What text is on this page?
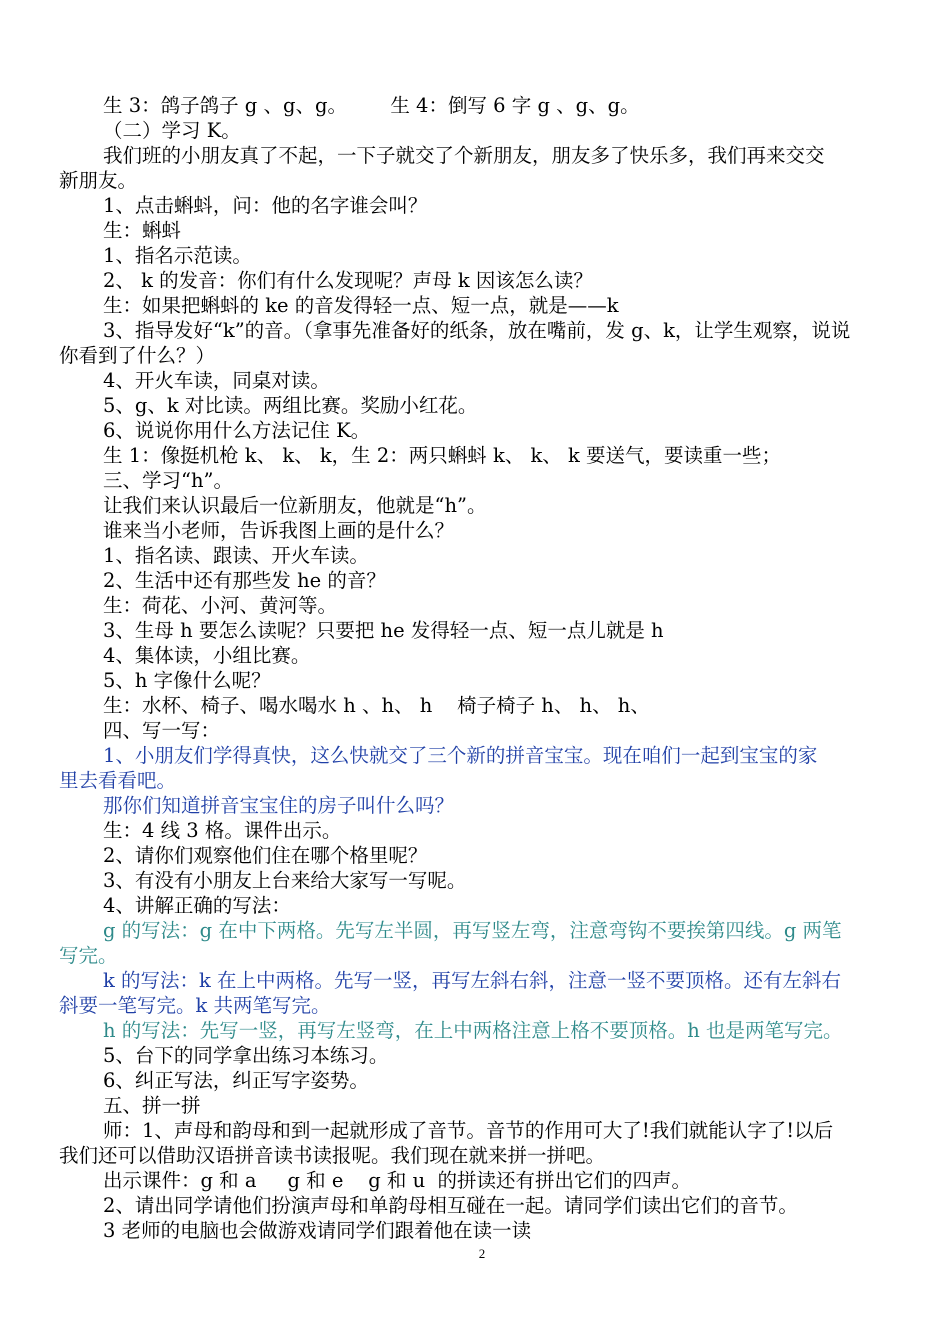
生 3：鸽子鸽子 g 、g、g。       生 4：倒写 6 字 g 、g、g。
（二）学习 K。
我们班的小朋友真了不起，一下子就交了个新朋友，朋友多了快乐多，我们再来交交
新朋友。
1、点击蝌蚪，问：他的名字谁会叫？
生：蝌蚪
1、指名示范读。
2、 k 的发音：你们有什么发现呢？声母 k 因该怎么读？
生：如果把蝌蚪的 ke 的音发得轻一点、短一点，就是——k
3、指导发好“k”的音。（拿事先准备好的纸条，放在嘴前，发 g、k，让学生观察，说说
你看到了什么？）
4、开火车读，同桌对读。
5、g、k 对比读。两组比赛。奖励小红花。
6、说说你用什么方法记住 K。
生 1：像挺机枪 k、 k、 k，生 2：两只蝌蚪 k、 k、 k 要送气，要读重一些；
三、学习“h”。
让我们来认识最后一位新朋友，他就是“h”。
谁来当小老师，告诉我图上画的是什么？
1、指名读、跟读、开火车读。
2、生活中还有那些发 he 的音？
生：荷花、小河、黄河等。
3、生母 h 要怎么读呢？只要把 he 发得轻一点、短一点儿就是 h
4、集体读，小组比赛。
5、h 字像什么呢？
生：水杯、椅子、喝水喝水 h 、h、 h    椅子椅子 h、 h、 h、
四、写一写：
1、小朋友们学得真快，这么快就交了三个新的拼音宝宝。现在咱们一起到宝宝的家
里去看看吧。
那你们知道拼音宝宝住的房子叫什么吗？
生：4 线 3 格。课件出示。
2、请你们观察他们住在哪个格里呢？
3、有没有小朋友上台来给大家写一写呢。
4、讲解正确的写法：
g 的写法：g 在中下两格。先写左半圆，再写竖左弯，注意弯钩不要挨第四线。g 两笔
写完。
k 的写法：k 在上中两格。先写一竖，再写左斜右斜，注意一竖不要顶格。还有左斜右
斜要一笔写完。k 共两笔写完。
h 的写法：先写一竖，再写左竖弯，在上中两格注意上格不要顶格。h 也是两笔写完。
5、台下的同学拿出练习本练习。
6、纠正写法，纠正写字姿势。
五、拼一拼
师：1、声母和韵母和到一起就形成了音节。音节的作用可大了!我们就能认字了!以后
我们还可以借助汉语拼音读书读报呢。我们现在就来拼一拼吧。
出示课件：g 和 a     g 和 e    g 和 u  的拼读还有拼出它们的四声。
2、请出同学请他们扮演声母和单韵母相互碰在一起。请同学们读出它们的音节。
3 老师的电脑也会做游戏请同学们跟着他在读一读
2
